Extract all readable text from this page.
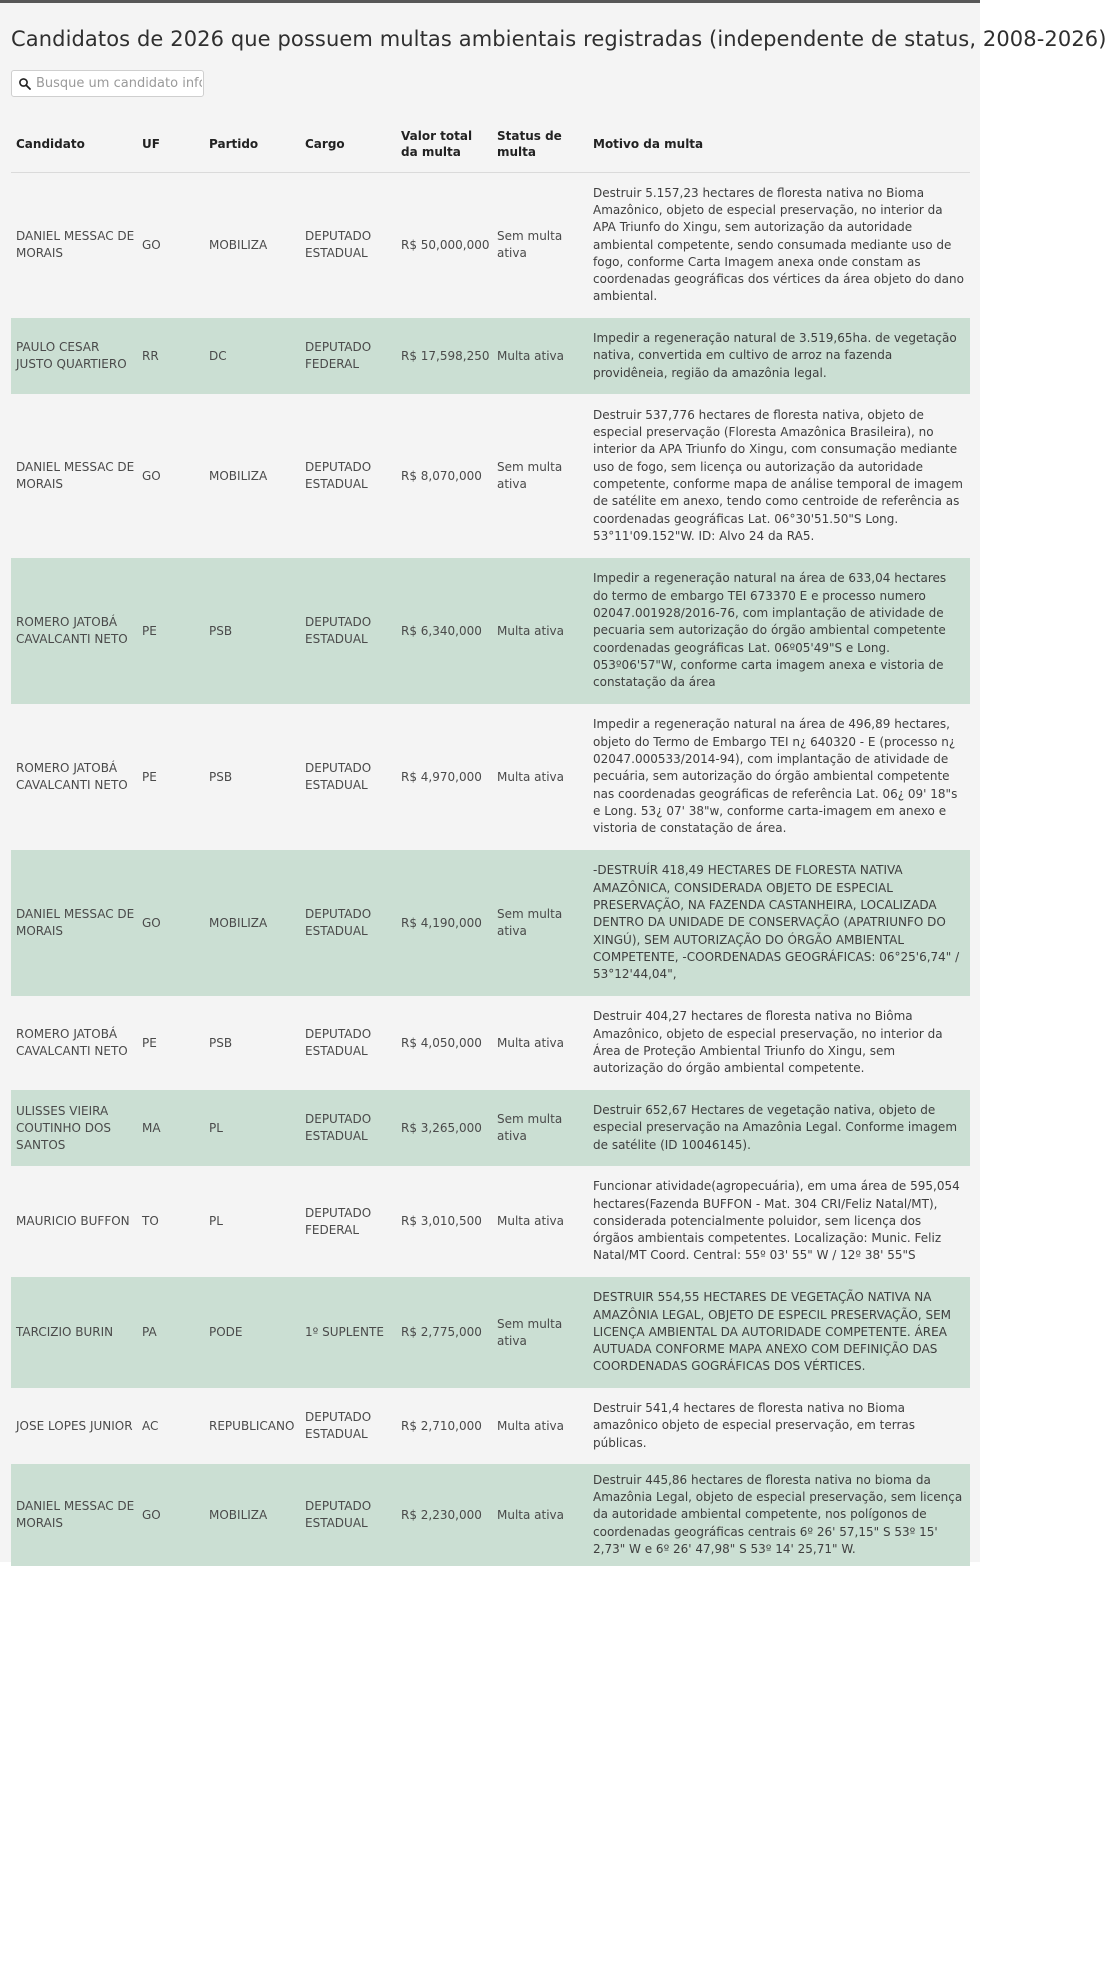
Candidatos de 2026 que possuem multas ambientais registradas (independente de status, 2008-2026)
Busque um candidato informação
Candidato	UF	Partido	Cargo	Valor total da multa	Status de multa	Motivo da multa
DANIEL MESSAC DE MORAIS	GO	MOBILIZA	DEPUTADO ESTADUAL	R$ 50,000,000	Sem multa ativa	Destruir 5.157,23 hectares de floresta nativa no Bioma Amazônico, objeto de especial preservação, no interior da APA Triunfo do Xingu, sem autorização da autoridade ambiental competente, sendo consumada mediante uso de fogo, conforme Carta Imagem anexa onde constam as coordenadas geográficas dos vértices da área objeto do dano ambiental.
PAULO CESAR JUSTO QUARTIERO	RR	DC	DEPUTADO FEDERAL	R$ 17,598,250	Multa ativa	Impedir a regeneração natural de 3.519,65ha. de vegetação nativa, convertida em cultivo de arroz na fazenda providêneia, região da amazônia legal.
DANIEL MESSAC DE MORAIS	GO	MOBILIZA	DEPUTADO ESTADUAL	R$ 8,070,000	Sem multa ativa	Destruir 537,776 hectares de floresta nativa, objeto de especial preservação (Floresta Amazônica Brasileira), no interior da APA Triunfo do Xingu, com consumação mediante uso de fogo, sem licença ou autorização da autoridade competente, conforme mapa de análise temporal de imagem de satélite em anexo, tendo como centroide de referência as coordenadas geográficas Lat. 06°30'51.50"S Long. 53°11'09.152"W. ID: Alvo 24 da RA5.
ROMERO JATOBÁ CAVALCANTI NETO	PE	PSB	DEPUTADO ESTADUAL	R$ 6,340,000	Multa ativa	Impedir a regeneração natural na área de 633,04 hectares do termo de embargo TEI 673370 E e processo numero 02047.001928/2016-76, com implantação de atividade de pecuaria sem autorização do órgão ambiental competente coordenadas geográficas Lat. 06º05'49"S e Long. 053º06'57"W, conforme carta imagem anexa e vistoria de constatação da área
ROMERO JATOBÁ CAVALCANTI NETO	PE	PSB	DEPUTADO ESTADUAL	R$ 4,970,000	Multa ativa	Impedir a regeneração natural na área de 496,89 hectares, objeto do Termo de Embargo TEI n¿ 640320 - E (processo n¿ 02047.000533/2014-94), com implantação de atividade de pecuária, sem autorização do órgão ambiental competente nas coordenadas geográficas de referência Lat. 06¿ 09' 18"s e Long. 53¿ 07' 38"w, conforme carta-imagem em anexo e vistoria de constatação de área.
DANIEL MESSAC DE MORAIS	GO	MOBILIZA	DEPUTADO ESTADUAL	R$ 4,190,000	Sem multa ativa	-DESTRUÍR 418,49 HECTARES DE FLORESTA NATIVA AMAZÔNICA, CONSIDERADA OBJETO DE ESPECIAL PRESERVAÇÃO, NA FAZENDA CASTANHEIRA, LOCALIZADA DENTRO DA UNIDADE DE CONSERVAÇÃO (APATRIUNFO DO XINGÚ), SEM AUTORIZAÇÃO DO ÓRGÃO AMBIENTAL COMPETENTE, -COORDENADAS GEOGRÁFICAS: 06°25'6,74" / 53°12'44,04",
ROMERO JATOBÁ CAVALCANTI NETO	PE	PSB	DEPUTADO ESTADUAL	R$ 4,050,000	Multa ativa	Destruir 404,27 hectares de floresta nativa no Biôma Amazônico, objeto de especial preservação, no interior da Área de Proteção Ambiental Triunfo do Xingu, sem autorização do órgão ambiental competente.
ULISSES VIEIRA COUTINHO DOS SANTOS	MA	PL	DEPUTADO ESTADUAL	R$ 3,265,000	Sem multa ativa	Destruir 652,67 Hectares de vegetação nativa, objeto de especial preservação na Amazônia Legal. Conforme imagem de satélite (ID 10046145).
MAURICIO BUFFON	TO	PL	DEPUTADO FEDERAL	R$ 3,010,500	Multa ativa	Funcionar atividade(agropecuária), em uma área de 595,054 hectares(Fazenda BUFFON - Mat. 304 CRI/Feliz Natal/MT), considerada potencialmente poluidor, sem licença dos órgãos ambientais competentes. Localização: Munic. Feliz Natal/MT Coord. Central: 55º 03' 55" W / 12º 38' 55"S
TARCIZIO BURIN	PA	PODE	1º SUPLENTE	R$ 2,775,000	Sem multa ativa	DESTRUIR 554,55 HECTARES DE VEGETAÇÃO NATIVA NA AMAZÔNIA LEGAL, OBJETO DE ESPECIL PRESERVAÇÃO, SEM LICENÇA AMBIENTAL DA AUTORIDADE COMPETENTE. ÁREA AUTUADA CONFORME MAPA ANEXO COM DEFINIÇÃO DAS COORDENADAS GOGRÁFICAS DOS VÉRTICES.
JOSE LOPES JUNIOR	AC	REPUBLICANO	DEPUTADO ESTADUAL	R$ 2,710,000	Multa ativa	Destruir 541,4 hectares de floresta nativa no Bioma amazônico objeto de especial preservação, em terras públicas.
DANIEL MESSAC DE MORAIS	GO	MOBILIZA	DEPUTADO ESTADUAL	R$ 2,230,000	Multa ativa	Destruir 445,86 hectares de floresta nativa no bioma da Amazônia Legal, objeto de especial preservação, sem licença da autoridade ambiental competente, nos polígonos de coordenadas geográficas centrais 6º 26' 57,15" S 53º 15' 2,73" W e 6º 26' 47,98" S 53º 14' 25,71" W.
